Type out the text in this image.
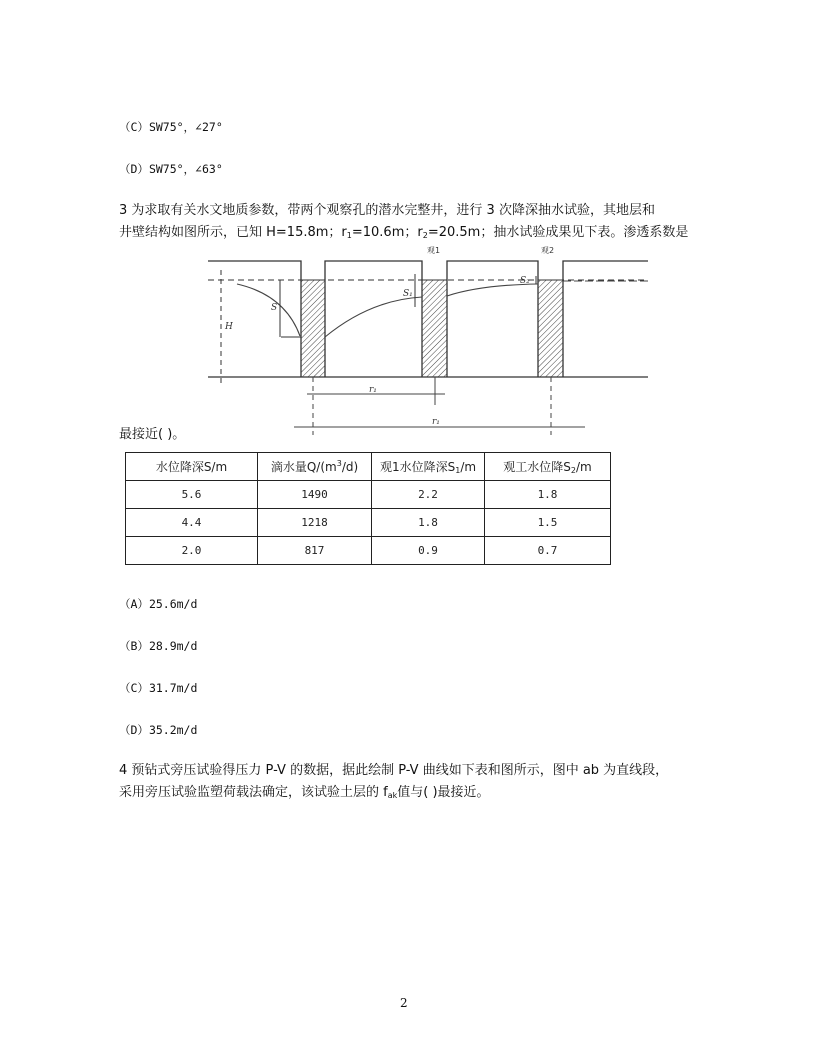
（C）SW75°，∠27°
（D）SW75°，∠63°
3 为求取有关水文地质参数，带两个观察孔的潜水完整井，进行 3 次降深抽水试验，其地层和
井壁结构如图所示，已知 H=15.8m；$r_1=10.6m$；$r_2=20.5m$；抽水试验成果见下表。渗透系数是
H
S
S₁
S₂
r₁
r₁
观1	观2
最接近( )。
水位降深S/m	滴水量$Q/(m^3/d)$	观1水位降深$S_1/m$	观工水位降$S_2/m$
5.6	1490	2.2	1.8
4.4	1218	1.8	1.5
2.0	817	0.9	0.7
（A）25.6m/d
（B）28.9m/d
（C）31.7m/d
（D）35.2m/d
4 预钻式旁压试验得压力 P-V 的数据，据此绘制 P-V 曲线如下表和图所示，图中 ab 为直线段，
采用旁压试验监塑荷载法确定，该试验土层的 $f_{ak}$值与( )最接近。
2
